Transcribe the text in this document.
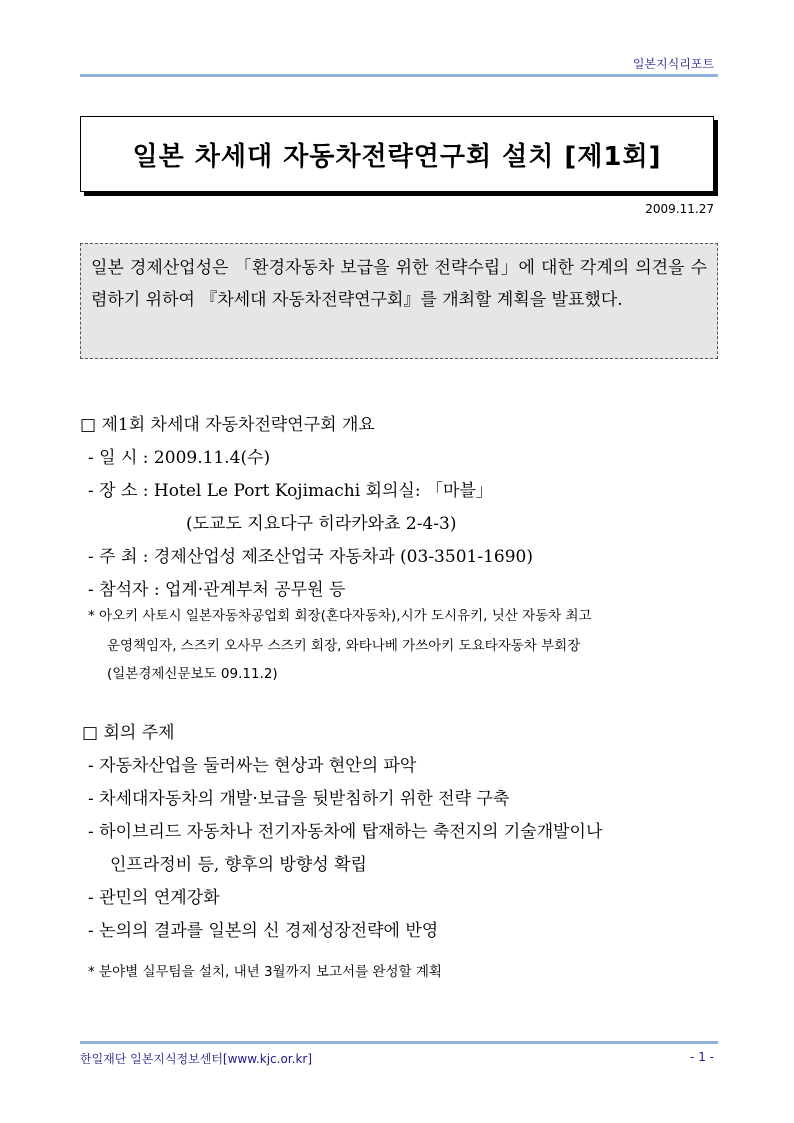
일본지식리포트
일본 차세대 자동차전략연구회 설치 [제1회]
2009.11.27
일본 경제산업성은 「환경자동차 보급을 위한 전략수립」에 대한 각계의 의견을 수렴하기 위하여 『차세대 자동차전략연구회』를 개최할 계획을 발표했다.
□ 제1회 차세대 자동차전략연구회 개요
- 일 시 : 2009.11.4(수)
- 장 소 : Hotel Le Port Kojimachi 회의실: 「마블」
(도교도 지요다구 히라카와쵸 2-4-3)
- 주 최 : 경제산업성 제조산업국 자동차과 (03-3501-1690)
- 참석자 : 업계·관계부처 공무원 등
* 아오키 사토시 일본자동차공업회 회장(혼다자동차),시가 도시유키, 닛산 자동차 최고
운영책임자, 스즈키 오사무 스즈키 회장, 와타나베 가쓰아키 도요타자동차 부회장
(일본경제신문보도 09.11.2)
□ 회의 주제
- 자동차산업을 둘러싸는 현상과 현안의 파악
- 차세대자동차의 개발·보급을 뒷받침하기 위한 전략 구축
- 하이브리드 자동차나 전기자동차에 탑재하는 축전지의 기술개발이나
인프라정비 등, 향후의 방향성 확립
- 관민의 연계강화
- 논의의 결과를 일본의 신 경제성장전략에 반영
* 분야별 실무팀을 설치, 내년 3월까지 보고서를 완성할 계획
한일재단 일본지식정보센터[www.kjc.or.kr]	- 1 -
